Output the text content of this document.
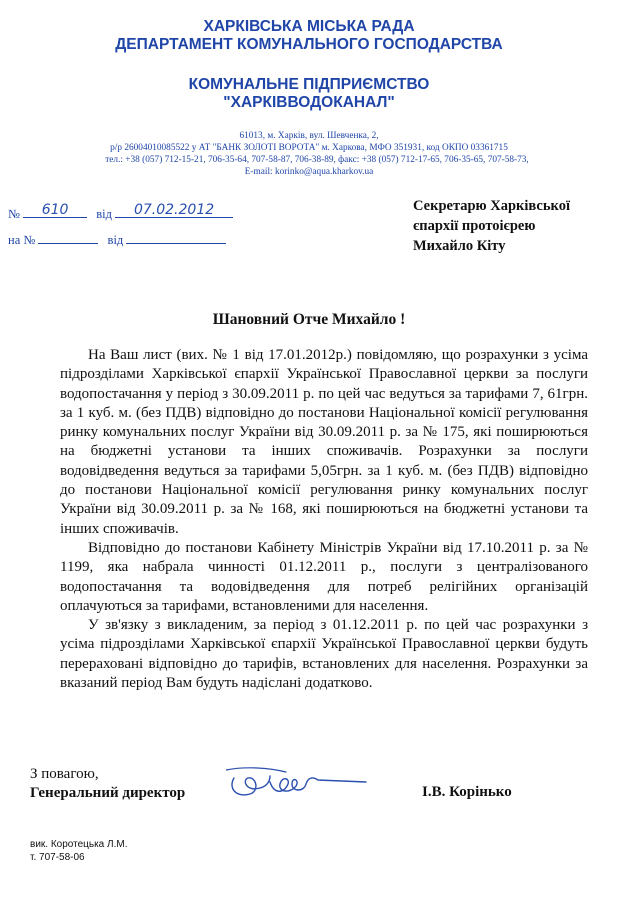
ХАРКІВСЬКА МІСЬКА РАДА
ДЕПАРТАМЕНТ КОМУНАЛЬНОГО ГОСПОДАРСТВА
КОМУНАЛЬНЕ ПІДПРИЄМСТВО
"ХАРКІВВОДОКАНАЛ"
61013, м. Харків, вул. Шевченка, 2,
р/р 26004010085522 у АТ "БАНК ЗОЛОТІ ВОРОТА" м. Харкова, МФО 351931, код ОКПО 03361715
тел.: +38 (057) 712-15-21, 706-35-64, 707-58-87, 706-38-89, факс: +38 (057) 712-17-65, 706-35-65, 707-58-73,
E-mail: korinko@aqua.kharkov.ua
№	610	від	07.02.2012
на №	від
Секретарю Харківської
єпархії протоієрею
Михайло Кіту
Шановний Отче Михайло !

На Ваш лист (вих. № 1 від 17.01.2012р.) повідомляю, що розрахунки з усіма підрозділами Харківської єпархії Української Православної церкви за послуги водопостачання у період з 30.09.2011 р. по цей час ведуться за тарифами 7, 61грн. за 1 куб. м. (без ПДВ) відповідно до постанови Національної комісії регулювання ринку комунальних послуг України від 30.09.2011 р. за № 175, які поширюються на бюджетні установи та інших споживачів. Розрахунки за послуги водовідведення ведуться за тарифами 5,05грн. за 1 куб. м. (без ПДВ) відповідно до постанови Національної комісії регулювання ринку комунальних послуг України від 30.09.2011 р. за № 168, які поширюються на бюджетні установи та інших споживачів.

Відповідно до постанови Кабінету Міністрів України від 17.10.2011 р. за № 1199, яка набрала чинності 01.12.2011 р., послуги з централізованого водопостачання та водовідведення для потреб релігійних організацій оплачуються за тарифами, встановленими для населення.

У зв'язку з викладеним, за період з 01.12.2011 р. по цей час розрахунки з усіма підрозділами Харківської єпархії Української Православної церкви будуть перераховані відповідно до тарифів, встановлених для населення. Розрахунки за вказаний період Вам будуть надіслані додатково.

З повагою,
Генеральний директор	І.В. Корінько
вик. Коротецька Л.М.
т. 707-58-06
